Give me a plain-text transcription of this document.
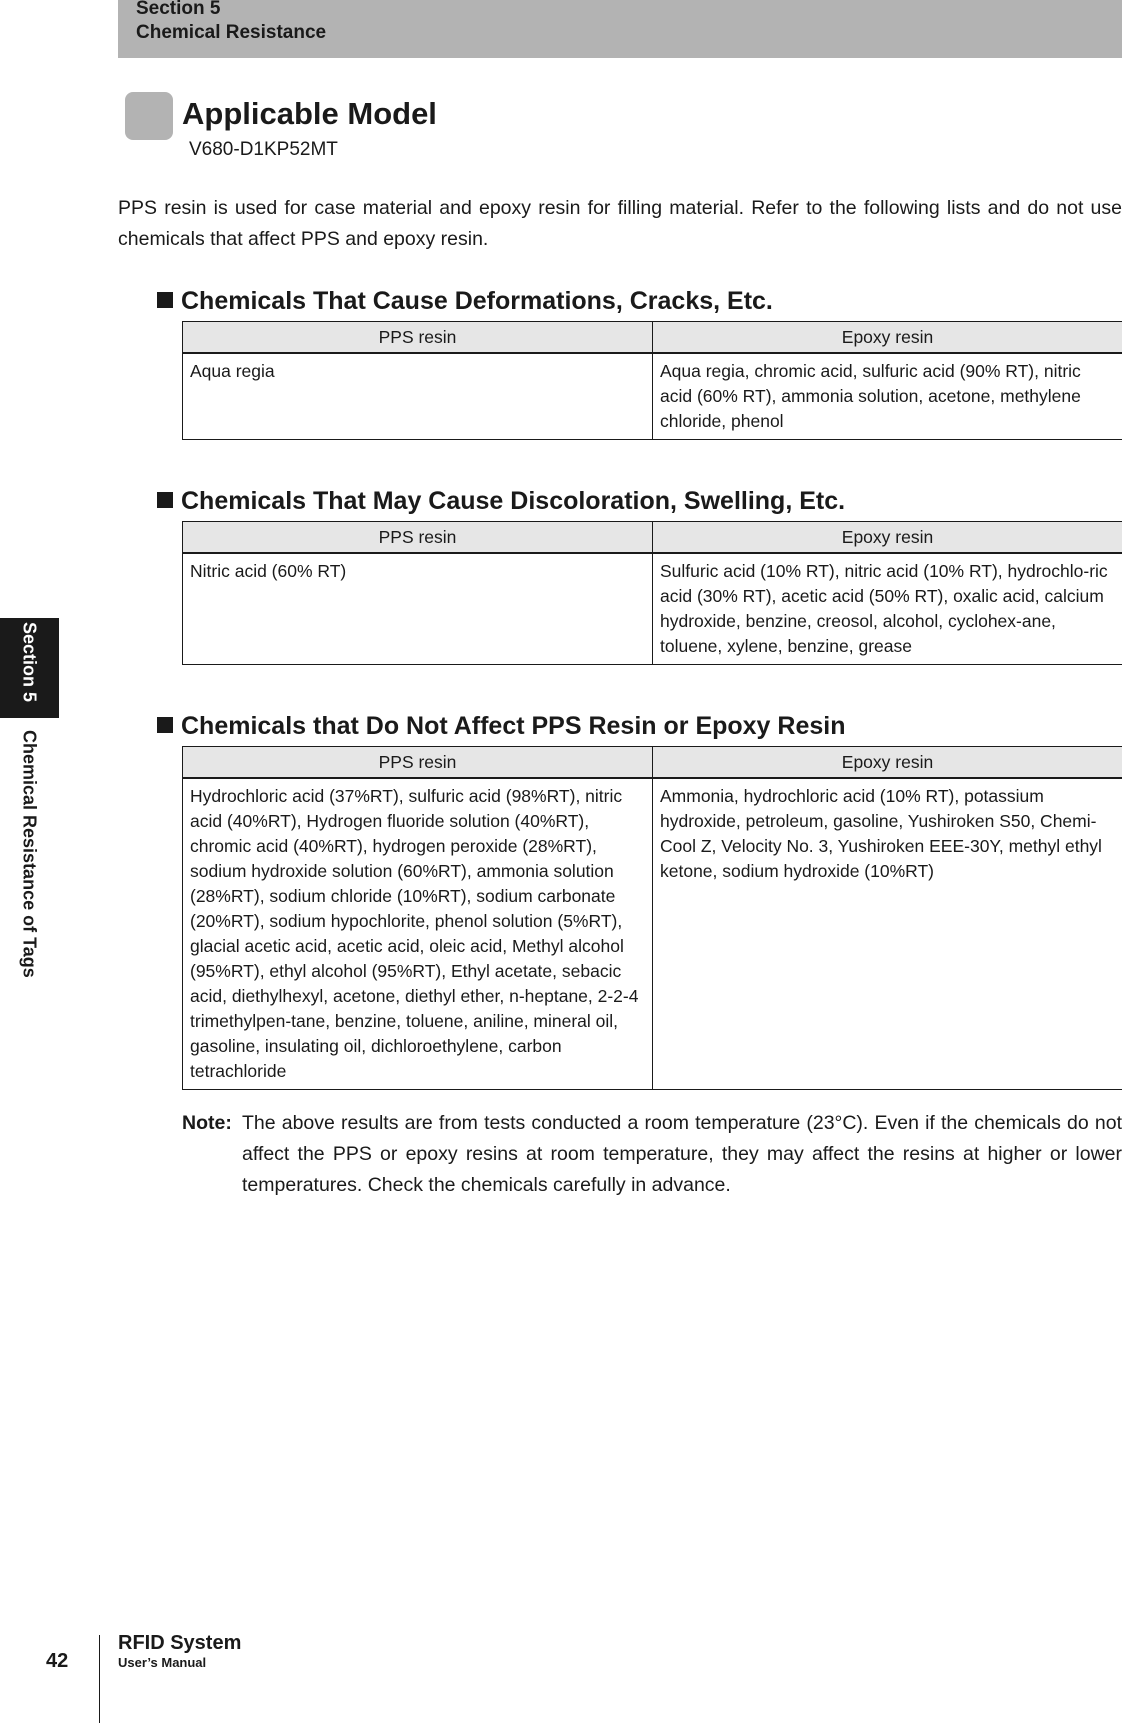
Section 5
Chemical Resistance
Section 5
Chemical Resistance of Tags
Applicable Model
V680-D1KP52MT
PPS resin is used for case material and epoxy resin for filling material. Refer to the following lists and do not use chemicals that affect PPS and epoxy resin.
Chemicals That Cause Deformations, Cracks, Etc.
PPS resin	Epoxy resin
Aqua regia	Aqua regia, chromic acid, sulfuric acid (90% RT), nitric acid (60% RT), ammonia solution, acetone, methylene chloride, phenol
Chemicals That May Cause Discoloration, Swelling, Etc.
PPS resin	Epoxy resin
Nitric acid (60% RT)	Sulfuric acid (10% RT), nitric acid (10% RT), hydrochlo-ric acid (30% RT), acetic acid (50% RT), oxalic acid, calcium hydroxide, benzine, creosol, alcohol, cyclohex-ane, toluene, xylene, benzine, grease
Chemicals that Do Not Affect PPS Resin or Epoxy Resin
PPS resin	Epoxy resin
Hydrochloric acid (37%RT), sulfuric acid (98%RT), nitric acid (40%RT), Hydrogen fluoride solution (40%RT), chromic acid (40%RT), hydrogen peroxide (28%RT), sodium hydroxide solution (60%RT), ammonia solution (28%RT), sodium chloride (10%RT), sodium carbonate (20%RT), sodium hypochlorite, phenol solution (5%RT), glacial acetic acid, acetic acid, oleic acid, Methyl alcohol (95%RT), ethyl alcohol (95%RT), Ethyl acetate, sebacic acid, diethylhexyl, acetone, diethyl ether, n-heptane, 2-2-4 trimethylpen-tane, benzine, toluene, aniline, mineral oil, gasoline, insulating oil, dichloroethylene, carbon tetrachloride	Ammonia, hydrochloric acid (10% RT), potassium hydroxide, petroleum, gasoline, Yushiroken S50, Chemi-Cool Z, Velocity No. 3, Yushiroken EEE-30Y, methyl ethyl ketone, sodium hydroxide (10%RT)
Note: The above results are from tests conducted a room temperature (23°C). Even if the chemicals do not affect the PPS or epoxy resins at room temperature, they may affect the resins at higher or lower temperatures. Check the chemicals carefully in advance.
42
RFID System
User’s Manual
